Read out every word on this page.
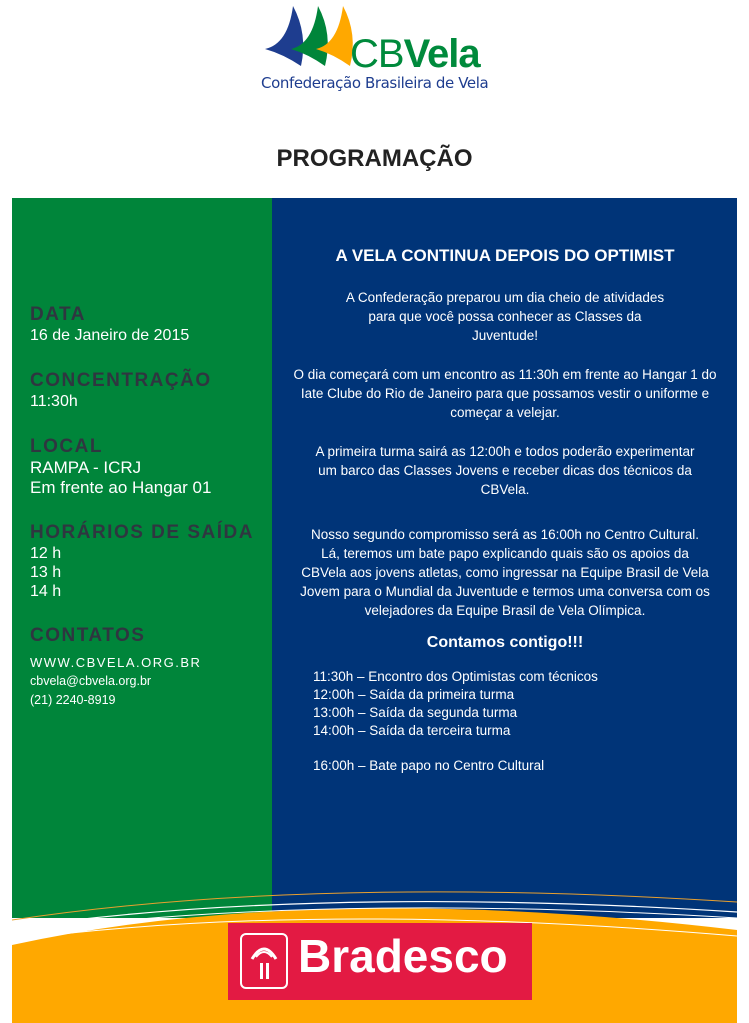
CBVela
Confederação Brasileira de Vela
PROGRAMAÇÃO
DATA
16 de Janeiro de 2015
CONCENTRAÇÃO
11:30h
LOCAL
RAMPA - ICRJ
Em frente ao Hangar 01
HORÁRIOS DE SAÍDA
12 h
13 h
14 h
CONTATOS
WWW.CBVELA.ORG.BR
cbvela@cbvela.org.br
(21) 2240-8919
A VELA CONTINUA DEPOIS DO OPTIMIST
A Confederação preparou um dia cheio de atividades para que você possa conhecer as Classes da Juventude!
O dia começará com um encontro as 11:30h em frente ao Hangar 1 do Iate Clube do Rio de Janeiro para que possamos vestir o uniforme e começar a velejar.
A primeira turma sairá as 12:00h e todos poderão experimentar um barco das Classes Jovens e receber dicas dos técnicos da CBVela.
Nosso segundo compromisso será as 16:00h no Centro Cultural. Lá, teremos um bate papo explicando quais são os apoios da CBVela aos jovens atletas, como ingressar na Equipe Brasil de Vela Jovem para o Mundial da Juventude e termos uma conversa com os velejadores da Equipe Brasil de Vela Olímpica.
Contamos contigo!!!
11:30h – Encontro dos Optimistas com técnicos
12:00h – Saída da primeira turma
13:00h – Saída da segunda turma
14:00h – Saída da terceira turma
16:00h – Bate papo no Centro Cultural
Bradesco
